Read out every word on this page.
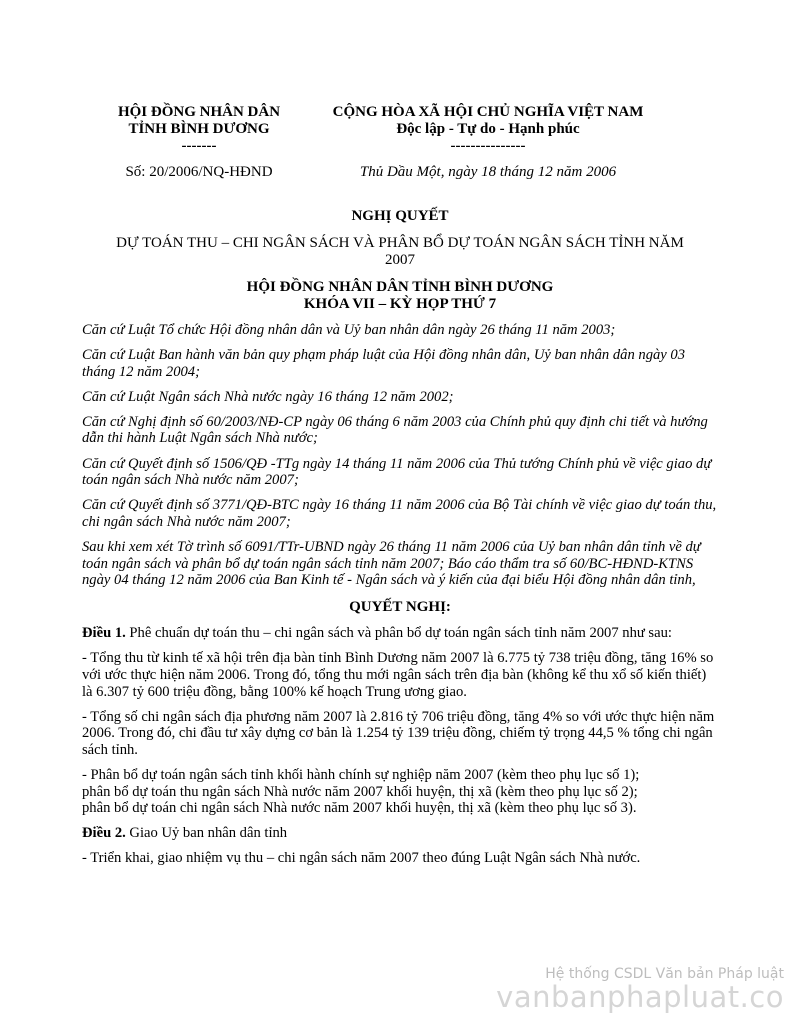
HỘI ĐỒNG NHÂN DÂN
TỈNH BÌNH DƯƠNG
-------
CỘNG HÒA XÃ HỘI CHỦ NGHĨA VIỆT NAM
Độc lập - Tự do - Hạnh phúc
---------------
Số: 20/2006/NQ-HĐND	Thủ Dầu Một, ngày 18 tháng 12 năm 2006
NGHỊ QUYẾT
DỰ TOÁN THU – CHI NGÂN SÁCH VÀ PHÂN BỔ DỰ TOÁN NGÂN SÁCH TỈNH NĂM
2007
HỘI ĐỒNG NHÂN DÂN TỈNH BÌNH DƯƠNG
KHÓA VII – KỲ HỌP THỨ 7

Căn cứ Luật Tổ chức Hội đồng nhân dân và Uỷ ban nhân dân ngày 26 tháng 11 năm 2003;

Căn cứ Luật Ban hành văn bản quy phạm pháp luật của Hội đồng nhân dân, Uỷ ban nhân dân ngày 03 tháng 12 năm 2004;

Căn cứ Luật Ngân sách Nhà nước ngày 16 tháng 12 năm 2002;

Căn cứ Nghị định số 60/2003/NĐ-CP ngày 06 tháng 6 năm 2003 của Chính phủ quy định chi tiết và hướng dẫn thi hành Luật Ngân sách Nhà nước;

Căn cứ Quyết định số 1506/QĐ -TTg ngày 14 tháng 11 năm 2006 của Thủ tướng Chính phủ về việc giao dự toán ngân sách Nhà nước năm 2007;

Căn cứ Quyết định số 3771/QĐ-BTC ngày 16 tháng 11 năm 2006 của Bộ Tài chính về việc giao dự toán thu, chi ngân sách Nhà nước năm 2007;

Sau khi xem xét Tờ trình số 6091/TTr-UBND ngày 26 tháng 11 năm 2006 của Uỷ ban nhân dân tỉnh về dự toán ngân sách và phân bổ dự toán ngân sách tỉnh năm 2007; Báo cáo thẩm tra số 60/BC-HĐND-KTNS ngày 04 tháng 12 năm 2006 của Ban Kinh tế - Ngân sách và ý kiến của đại biểu Hội đồng nhân dân tỉnh,

QUYẾT NGHỊ:

Điều 1. Phê chuẩn dự toán thu – chi ngân sách và phân bổ dự toán ngân sách tỉnh năm 2007 như sau:

- Tổng thu từ kinh tế xã hội trên địa bàn tỉnh Bình Dương năm 2007 là 6.775 tỷ 738 triệu đồng, tăng 16% so với ước thực hiện năm 2006. Trong đó, tổng thu mới ngân sách trên địa bàn (không kể thu xổ số kiến thiết) là 6.307 tỷ 600 triệu đồng, bằng 100% kế hoạch Trung ương giao.

- Tổng số chi ngân sách địa phương năm 2007 là 2.816 tỷ 706 triệu đồng, tăng 4% so với ước thực hiện năm 2006. Trong đó, chi đầu tư xây dựng cơ bản là 1.254 tỷ 139 triệu đồng, chiếm tỷ trọng 44,5 % tổng chi ngân sách tỉnh.

- Phân bổ dự toán ngân sách tỉnh khối hành chính sự nghiệp năm 2007 (kèm theo phụ lục số 1);
phân bổ dự toán thu ngân sách Nhà nước năm 2007 khối huyện, thị xã (kèm theo phụ lục số 2);
phân bổ dự toán chi ngân sách Nhà nước năm 2007 khối huyện, thị xã (kèm theo phụ lục số 3).

Điều 2. Giao Uỷ ban nhân dân tỉnh

- Triển khai, giao nhiệm vụ thu – chi ngân sách năm 2007 theo đúng Luật Ngân sách Nhà nước.

Hệ thống CSDL Văn bản Pháp luật
vanbanphapluat.co
